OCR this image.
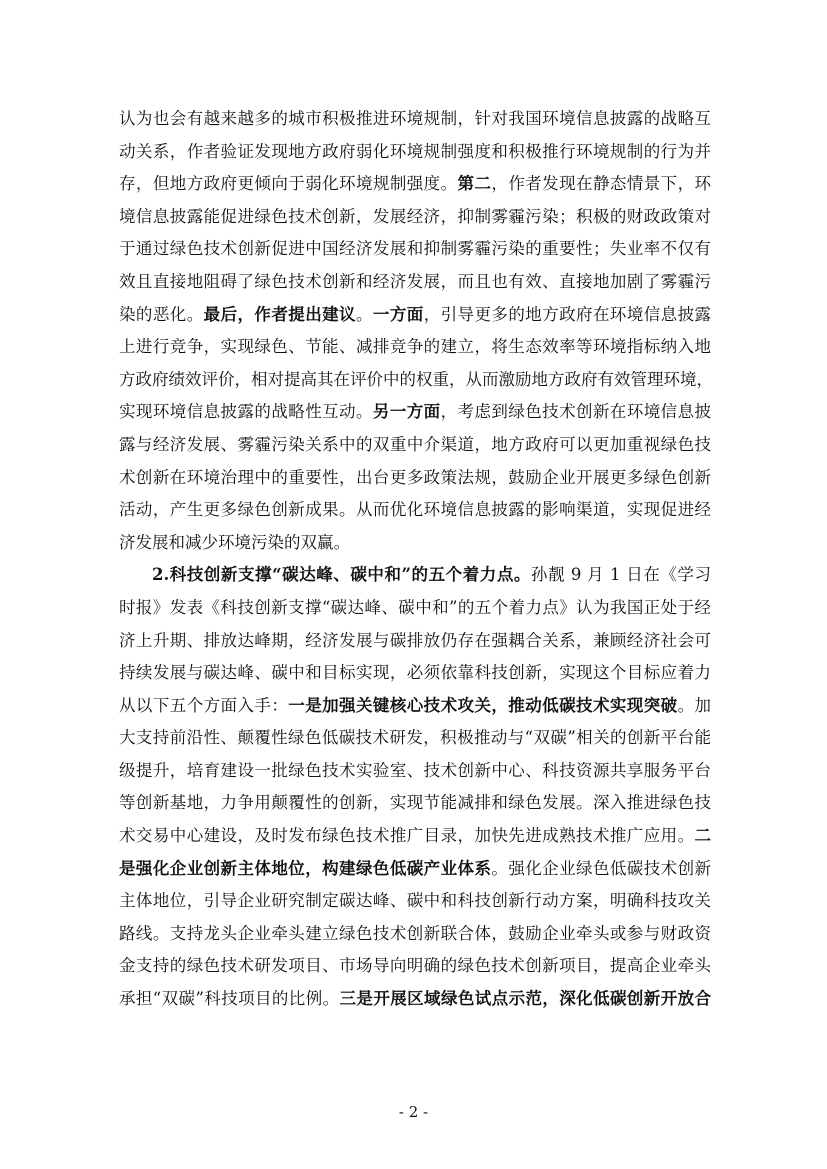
认为也会有越来越多的城市积极推进环境规制，针对我国环境信息披露的战略互
动关系，作者验证发现地方政府弱化环境规制强度和积极推行环境规制的行为并
存，但地方政府更倾向于弱化环境规制强度。第二，作者发现在静态情景下，环
境信息披露能促进绿色技术创新，发展经济，抑制雾霾污染；积极的财政政策对
于通过绿色技术创新促进中国经济发展和抑制雾霾污染的重要性；失业率不仅有
效且直接地阻碍了绿色技术创新和经济发展，而且也有效、直接地加剧了雾霾污
染的恶化。最后，作者提出建议。一方面，引导更多的地方政府在环境信息披露
上进行竞争，实现绿色、节能、减排竞争的建立，将生态效率等环境指标纳入地
方政府绩效评价，相对提高其在评价中的权重，从而激励地方政府有效管理环境，
实现环境信息披露的战略性互动。另一方面，考虑到绿色技术创新在环境信息披
露与经济发展、雾霾污染关系中的双重中介渠道，地方政府可以更加重视绿色技
术创新在环境治理中的重要性，出台更多政策法规，鼓励企业开展更多绿色创新
活动，产生更多绿色创新成果。从而优化环境信息披露的影响渠道，实现促进经
济发展和减少环境污染的双赢。
2.科技创新支撑“碳达峰、碳中和”的五个着力点。孙靓 9 月 1 日在《学习
时报》发表《科技创新支撑“碳达峰、碳中和”的五个着力点》认为我国正处于经
济上升期、排放达峰期，经济发展与碳排放仍存在强耦合关系，兼顾经济社会可
持续发展与碳达峰、碳中和目标实现，必须依靠科技创新，实现这个目标应着力
从以下五个方面入手：一是加强关键核心技术攻关，推动低碳技术实现突破。加
大支持前沿性、颠覆性绿色低碳技术研发，积极推动与“双碳”相关的创新平台能
级提升，培育建设一批绿色技术实验室、技术创新中心、科技资源共享服务平台
等创新基地，力争用颠覆性的创新，实现节能减排和绿色发展。深入推进绿色技
术交易中心建设，及时发布绿色技术推广目录，加快先进成熟技术推广应用。二
是强化企业创新主体地位，构建绿色低碳产业体系。强化企业绿色低碳技术创新
主体地位，引导企业研究制定碳达峰、碳中和科技创新行动方案，明确科技攻关
路线。支持龙头企业牵头建立绿色技术创新联合体，鼓励企业牵头或参与财政资
金支持的绿色技术研发项目、市场导向明确的绿色技术创新项目，提高企业牵头
承担“双碳”科技项目的比例。三是开展区域绿色试点示范，深化低碳创新开放合
- 2 -
